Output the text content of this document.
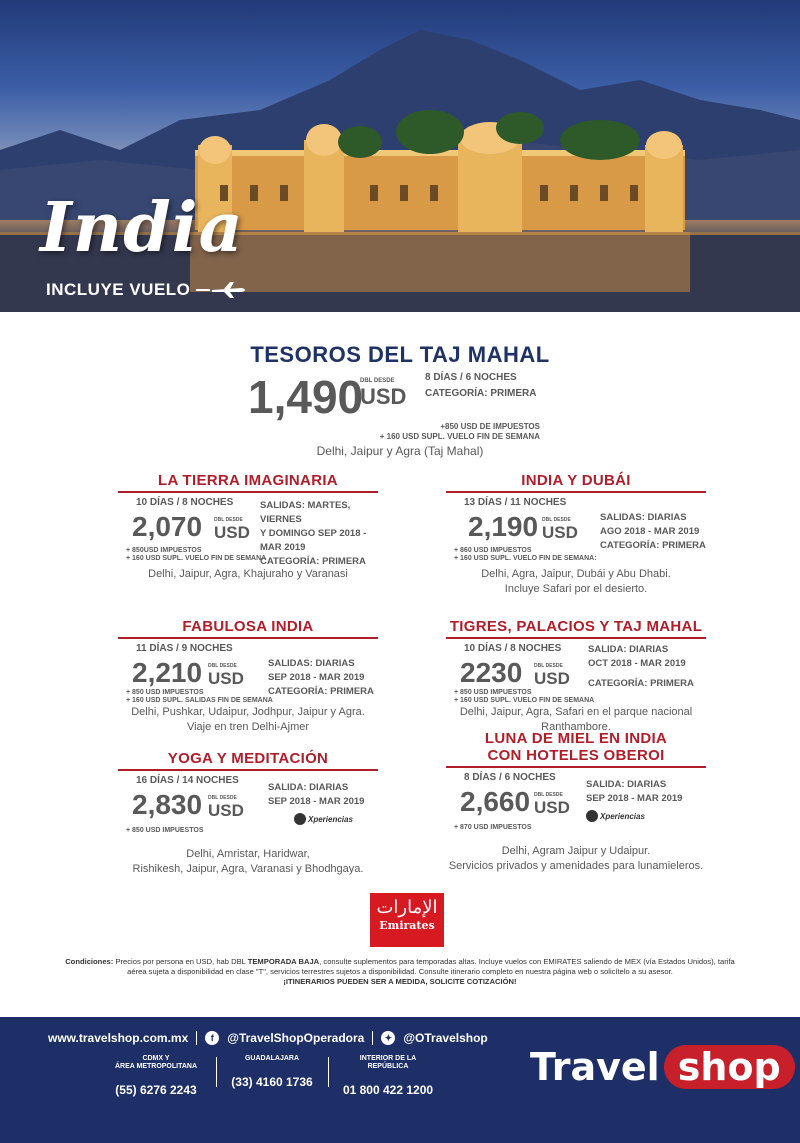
India
INCLUYE VUELO
TESOROS DEL TAJ MAHAL
1,490
DBL DESDE
USD
8 DÍAS / 6 NOCHES
CATEGORÍA: PRIMERA
+850 USD DE IMPUESTOS
+ 160 USD SUPL. VUELO FIN DE SEMANA
Delhi, Jaipur y Agra (Taj Mahal)
LA TIERRA IMAGINARIA
10 DÍAS / 8 NOCHES
2,070 DBL DESDE
USD
SALIDAS: MARTES, VIERNES
Y DOMINGO SEP 2018 - MAR 2019
CATEGORÍA: PRIMERA
+ 850USD IMPUESTOS
+ 160 USD SUPL. VUELO FIN DE SEMANA
Delhi, Jaipur, Agra, Khajuraho y Varanasi
INDIA Y DUBÁI
13 DÍAS / 11 NOCHES
2,190 DBL DESDE
USD
SALIDAS: DIARIAS
AGO 2018 - MAR 2019
CATEGORÍA: PRIMERA
+ 860 USD IMPUESTOS
+ 160 USD SUPL. VUELO FIN DE SEMANA:
Delhi, Agra, Jaipur, Dubái y Abu Dhabi.
Incluye Safari por el desierto.
FABULOSA INDIA
11 DÍAS / 9 NOCHES
2,210 DBL DESDE
USD
SALIDAS: DIARIAS
SEP 2018 - MAR 2019
CATEGORÍA: PRIMERA
+ 850 USD IMPUESTOS
+ 160 USD SUPL. SALIDAS FIN DE SEMANA
Delhi, Pushkar, Udaipur, Jodhpur, Jaipur y Agra.
Viaje en tren Delhi-Ajmer
TIGRES, PALACIOS Y TAJ MAHAL
10 DÍAS / 8 NOCHES
2230 DBL DESDE
USD
SALIDA: DIARIAS
OCT 2018 - MAR 2019
CATEGORÍA: PRIMERA
+ 850 USD IMPUESTOS
+ 160 USD SUPL. VUELO FIN DE SEMANA
Delhi, Jaipur, Agra, Safari en el parque nacional Ranthambore.
YOGA Y MEDITACIÓN
16 DÍAS / 14 NOCHES
2,830 DBL DESDE
USD
SALIDA: DIARIAS
SEP 2018 - MAR 2019
Xperiencias
+ 850 USD IMPUESTOS
Delhi, Amristar, Haridwar,
Rishikesh, Jaipur, Agra, Varanasi y Bhodhgaya.
LUNA DE MIEL EN INDIA
CON HOTELES OBEROI
8 DÍAS / 6 NOCHES
2,660 DBL DESDE
USD
SALIDA: DIARIAS
SEP 2018 - MAR 2019
Xperiencias
+ 870 USD IMPUESTOS
Delhi, Agram Jaipur y Udaipur.
Servicios privados y amenidades para lunamieleros.
الإمارات
Emirates
Condiciones: Precios por persona en USD, hab DBL TEMPORADA BAJA, consulte suplementos para temporadas altas. Incluye vuelos con EMIRATES saliendo de MEX (vía Estados Unidos), tarifa aérea sujeta a disponibilidad en clase "T", servicios terrestres sujetos a disponibilidad. Consulte itinerario completo en nuestra página web o solicítelo a su asesor.
¡ITINERARIOS PUEDEN SER A MEDIDA, SOLICITE COTIZACIÓN!
www.travelshop.com.mx	f	@TravelShopOperadora	✦ @OTravelshop
CDMX Y
ÁREA METROPOLITANA
(55) 6276 2243
GUADALAJARA
(33) 4160 1736
INTERIOR DE LA
REPÚBLICA
01 800 422 1200
Travel shop
